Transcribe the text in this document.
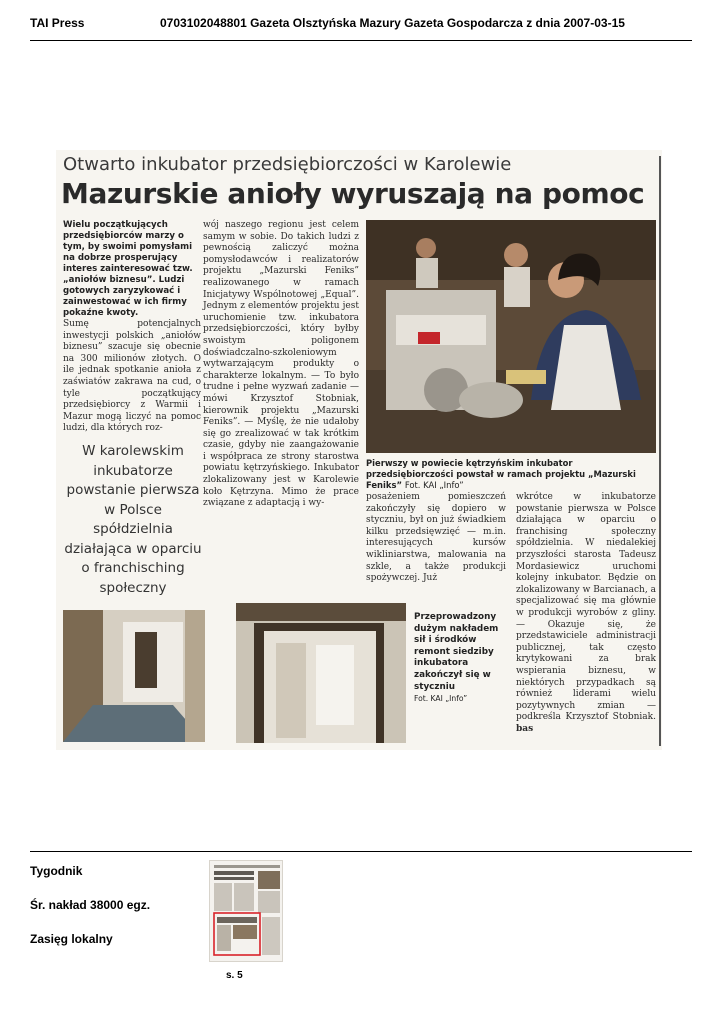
TAI Press	0703102048801 Gazeta Olsztyńska Mazury Gazeta Gospodarcza z dnia 2007-03-15
Otwarto inkubator przedsiębiorczości w Karolewie
Mazurskie anioły wyruszają na pomoc
Wielu początkujących przedsiębiorców marzy o tym, by swoimi pomysłami na dobrze prosperujący interes zainteresować tzw. „aniołów biznesu”. Ludzi gotowych zaryzykować i zainwestować w ich firmy pokaźne kwoty.
Sumę potencjalnych inwestycji polskich „aniołów biznesu” szacuje się obecnie na 300 milionów złotych. O ile jednak spotkanie anioła z zaświatów zakrawa na cud, o tyle początkujący przedsiębiorcy z Warmii i Mazur mogą liczyć na pomoc ludzi, dla których roz-
W karolewskim inkubatorze powstanie pierwsza w Polsce spółdzielnia działająca w oparciu o franchisching społeczny
wój naszego regionu jest celem samym w sobie. Do takich ludzi z pewnością zaliczyć można pomysłodawców i realizatorów projektu „Mazurski Feniks” realizowanego w ramach Inicjatywy Wspólnotowej „Equal”. Jednym z elementów projektu jest uruchomienie tzw. inkubatora przedsiębiorczości, który byłby swoistym poligonem doświadczalno-szkoleniowym wytwarzającym produkty o charakterze lokalnym. — To było trudne i pełne wyzwań zadanie — mówi Krzysztof Stobniak, kierownik projektu „Mazurski Feniks”. — Myślę, że nie udałoby się go zrealizować w tak krótkim czasie, gdyby nie zaangażowanie i współpraca ze strony starostwa powiatu kętrzyńskiego. Inkubator zlokalizowany jest w Karolewie koło Kętrzyna. Mimo że prace związane z adaptacją i wy-
Pierwszy w powiecie kętrzyńskim inkubator przedsiębiorczości powstał w ramach projektu „Mazurski Feniks” Fot. KAI „Info”
posażeniem pomieszczeń zakończyły się dopiero w styczniu, był on już świadkiem kilku przedsięwzięć — m.in. interesujących kursów wikliniarstwa, malowania na szkle, a także produkcji spożywczej. Już
wkrótce w inkubatorze powstanie pierwsza w Polsce działająca w oparciu o franchising społeczny spółdzielnia. W niedalekiej przyszłości starosta Tadeusz Mordasiewicz uruchomi kolejny inkubator. Będzie on zlokalizowany w Barcianach, a specjalizować się ma głównie w produkcji wyrobów z gliny. — Okazuje się, że przedstawiciele administracji publicznej, tak często krytykowani za brak wspierania biznesu, w niektórych przypadkach są również liderami wielu pozytywnych zmian — podkreśla Krzysztof Stobniak. bas
Przeprowadzony dużym nakładem sił i środków remont siedziby inkubatora zakończył się w styczniu
Fot. KAI „Info”
Tygodnik
Śr. nakład 38000 egz.
Zasięg lokalny
s. 5
